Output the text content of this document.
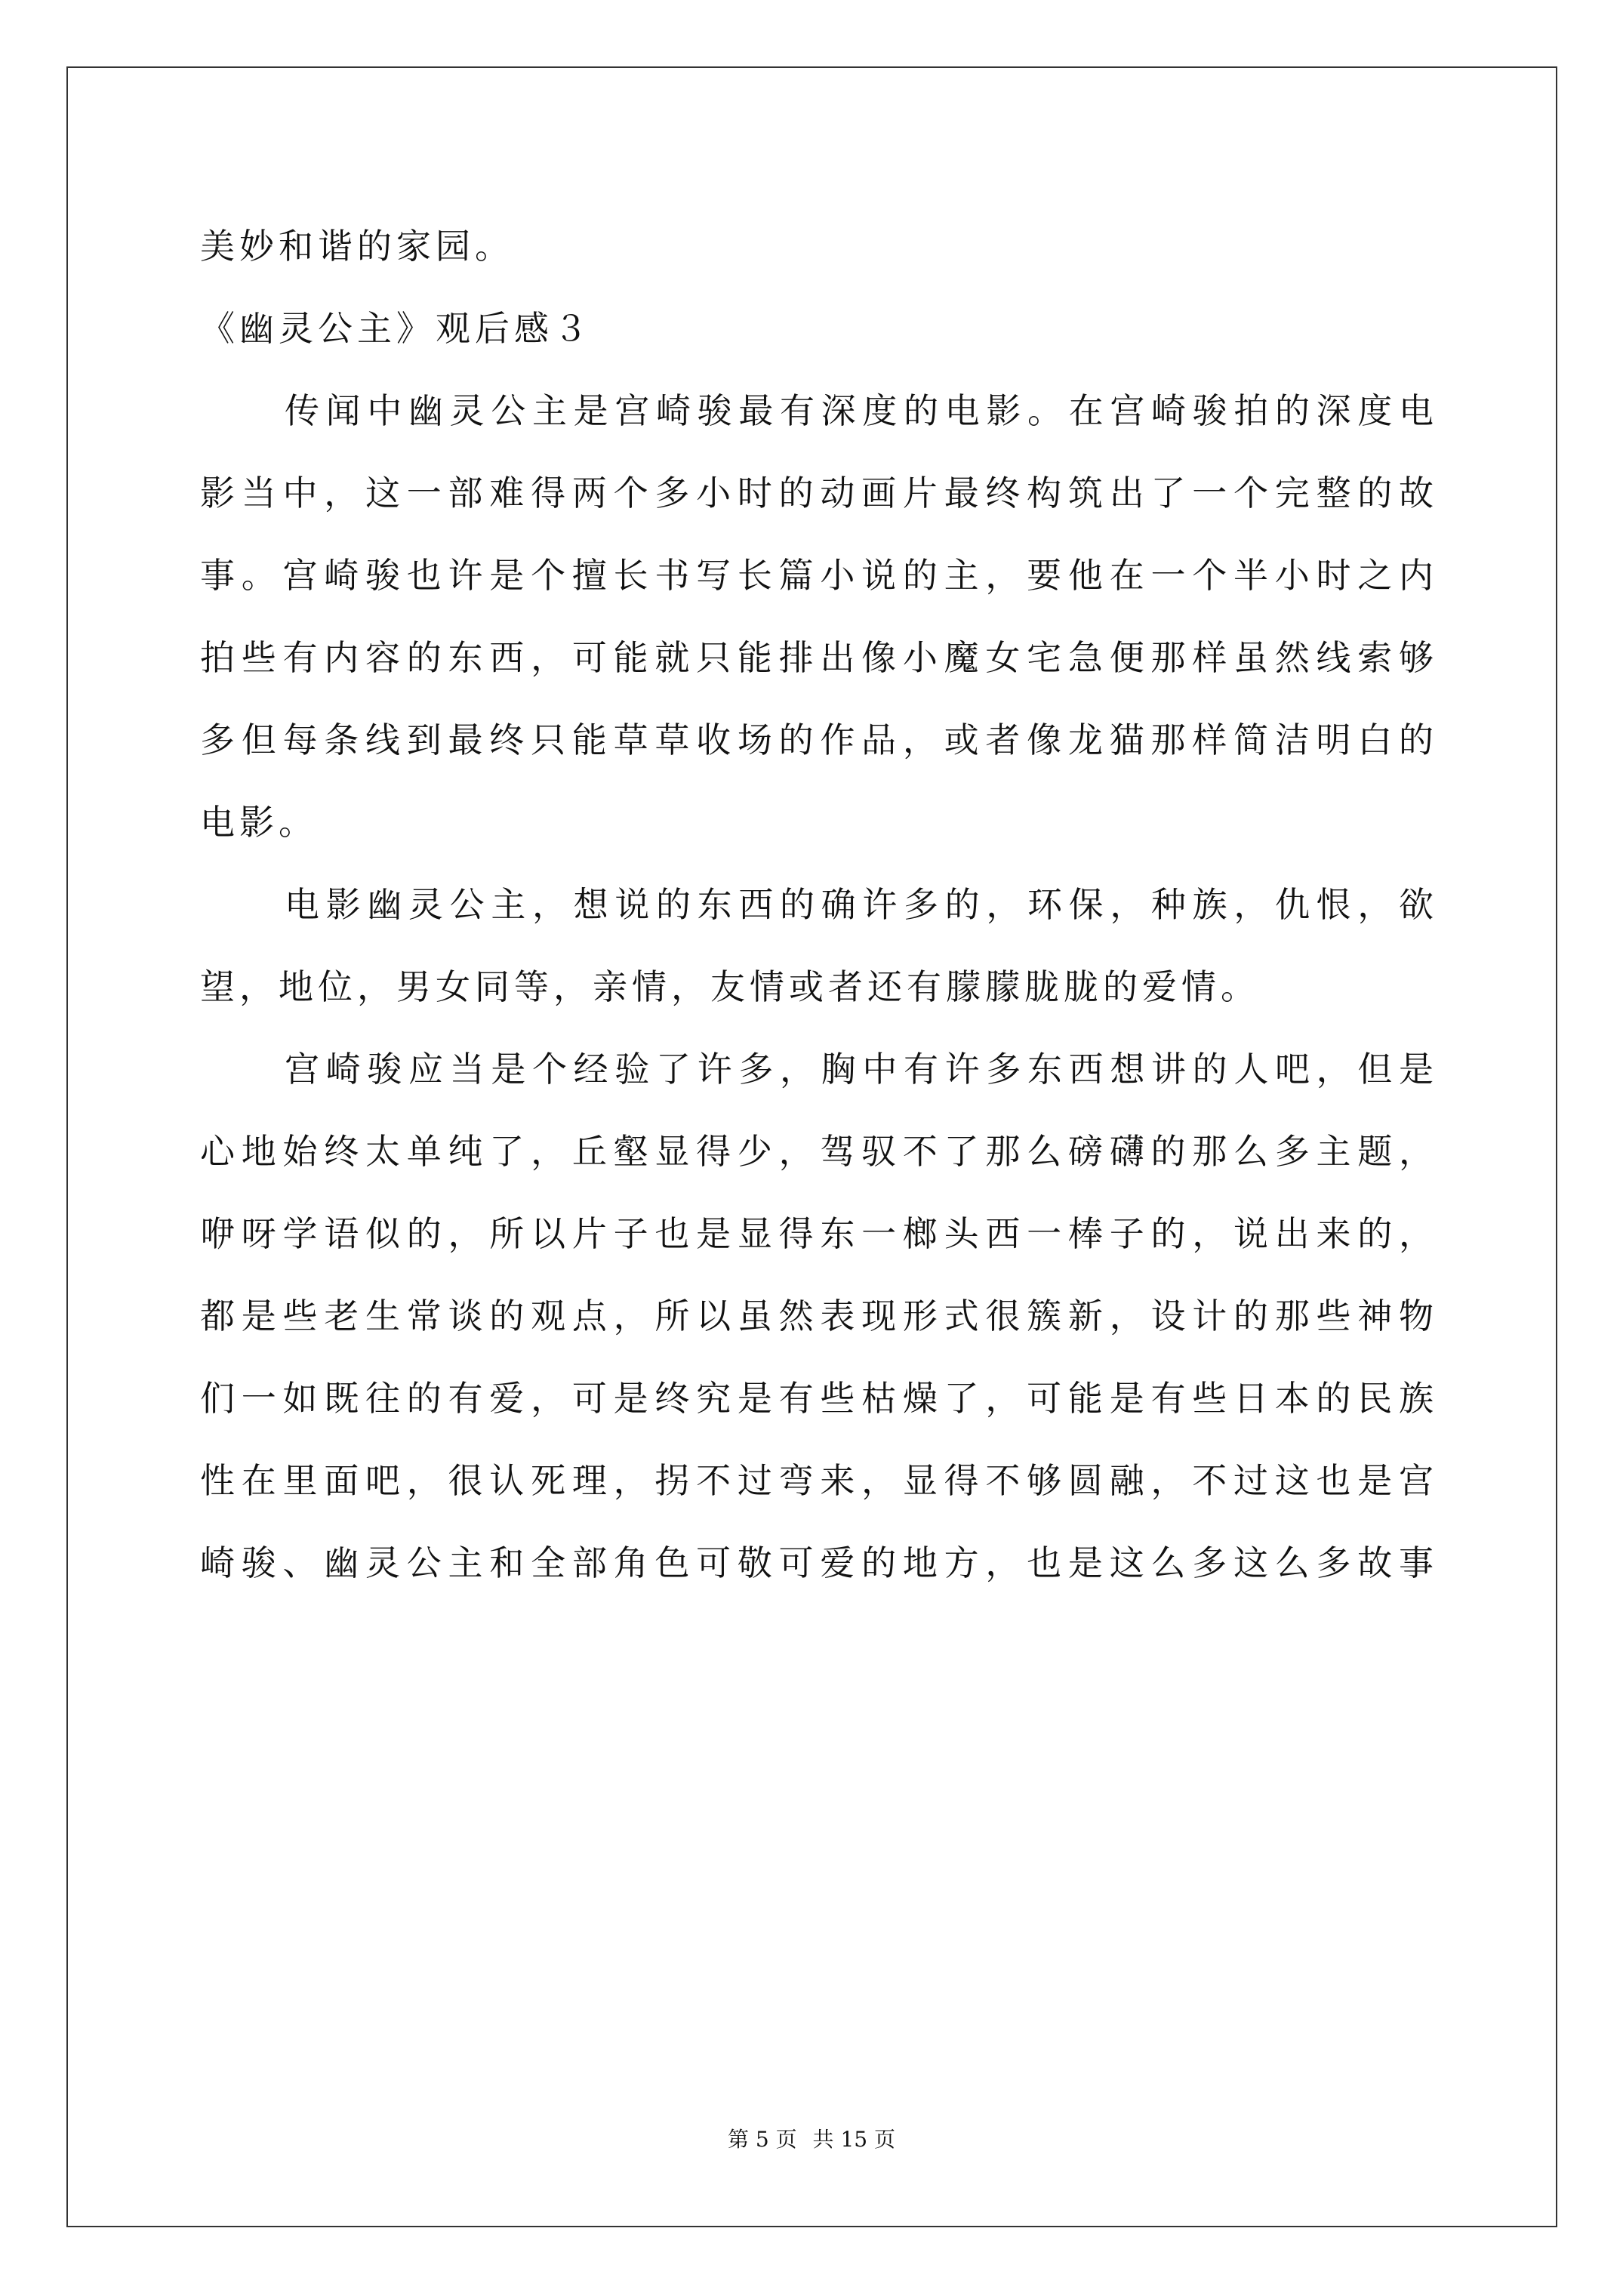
美妙和谐的家园。
《幽灵公主》观后感３
传闻中幽灵公主是宫崎骏最有深度的电影。在宫崎骏拍的深度电
影当中，这一部难得两个多小时的动画片最终构筑出了一个完整的故
事。宫崎骏也许是个擅长书写长篇小说的主，要他在一个半小时之内
拍些有内容的东西，可能就只能排出像小魔女宅急便那样虽然线索够
多但每条线到最终只能草草收场的作品，或者像龙猫那样简洁明白的
电影。
电影幽灵公主，想说的东西的确许多的，环保，种族，仇恨，欲
望，地位，男女同等，亲情，友情或者还有朦朦胧胧的爱情。
宫崎骏应当是个经验了许多，胸中有许多东西想讲的人吧，但是
心地始终太单纯了，丘壑显得少，驾驭不了那么磅礴的那么多主题，
咿呀学语似的，所以片子也是显得东一榔头西一棒子的，说出来的，
都是些老生常谈的观点，所以虽然表现形式很簇新，设计的那些神物
们一如既往的有爱，可是终究是有些枯燥了，可能是有些日本的民族
性在里面吧，很认死理，拐不过弯来，显得不够圆融，不过这也是宫
崎骏、幽灵公主和全部角色可敬可爱的地方，也是这么多这么多故事
第 5 页 共 15 页
